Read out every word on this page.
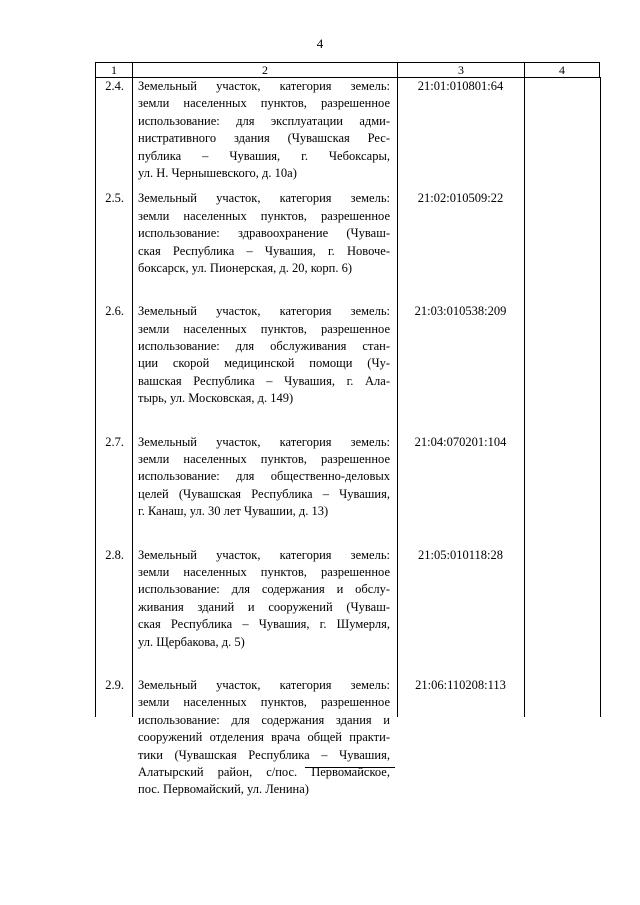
4
1	2	3	4
2.4.	Земельный участок, категория земель:
земли населенных пунктов, разрешенное
использование: для эксплуатации адми-
нистративного здания (Чувашская Рес-
публика – Чувашия, г. Чебоксары,
ул. Н. Чернышевского, д. 10а)
21:01:010801:64
2.5.	Земельный участок, категория земель:
земли населенных пунктов, разрешенное
использование: здравоохранение (Чуваш-
ская Республика – Чувашия, г. Новоче-
боксарск, ул. Пионерская, д. 20, корп. 6)
21:02:010509:22
2.6.	Земельный участок, категория земель:
земли населенных пунктов, разрешенное
использование: для обслуживания стан-
ции скорой медицинской помощи (Чу-
вашская Республика – Чувашия, г. Ала-
тырь, ул. Московская, д. 149)
21:03:010538:209
2.7.	Земельный участок, категория земель:
земли населенных пунктов, разрешенное
использование: для общественно-деловых
целей (Чувашская Республика – Чувашия,
г. Канаш, ул. 30 лет Чувашии, д. 13)
21:04:070201:104
2.8.	Земельный участок, категория земель:
земли населенных пунктов, разрешенное
использование: для содержания и обслу-
живания зданий и сооружений (Чуваш-
ская Республика – Чувашия, г. Шумерля,
ул. Щербакова, д. 5)
21:05:010118:28
2.9.	Земельный участок, категория земель:
земли населенных пунктов, разрешенное
использование: для содержания здания и
сооружений отделения врача общей практи-
тики (Чувашская Республика – Чувашия,
Алатырский район, с/пос. Первомайское,
пос. Первомайский, ул. Ленина)
21:06:110208:113
